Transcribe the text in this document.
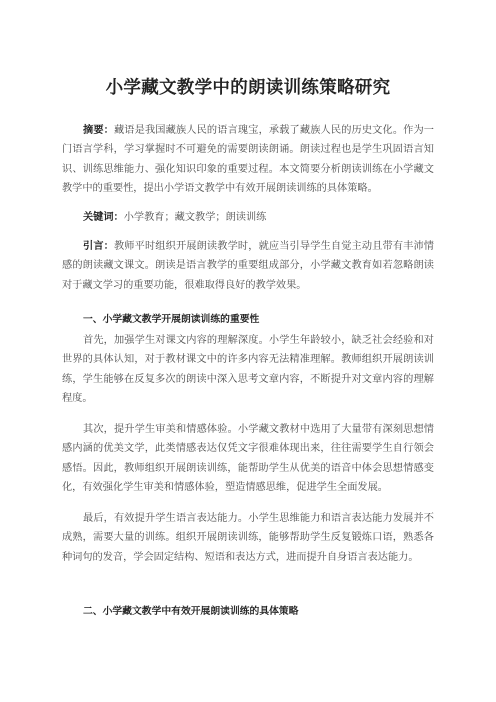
小学藏文教学中的朗读训练策略研究
摘要：藏语是我国藏族人民的语言瑰宝，承载了藏族人民的历史文化。作为一门语言学科，学习掌握时不可避免的需要朗读朗诵。朗读过程也是学生巩固语言知识、训练思维能力、强化知识印象的重要过程。本文简要分析朗读训练在小学藏文教学中的重要性，提出小学语文教学中有效开展朗读训练的具体策略。
关键词：小学教育；藏文教学；朗读训练
引言：教师平时组织开展朗读教学时，就应当引导学生自觉主动且带有丰沛情感的朗读藏文课文。朗读是语言教学的重要组成部分，小学藏文教育如若忽略朗读对于藏文学习的重要功能，很难取得良好的教学效果。
一、小学藏文教学开展朗读训练的重要性
首先，加强学生对课文内容的理解深度。小学生年龄较小，缺乏社会经验和对世界的具体认知，对于教材课文中的许多内容无法精准理解。教师组织开展朗读训练，学生能够在反复多次的朗读中深入思考文章内容，不断提升对文章内容的理解程度。
其次，提升学生审美和情感体验。小学藏文教材中选用了大量带有深刻思想情感内涵的优美文学，此类情感表达仅凭文字很难体现出来，往往需要学生自行领会感悟。因此，教师组织开展朗读训练，能帮助学生从优美的语音中体会思想情感变化，有效强化学生审美和情感体验，塑造情感思维，促进学生全面发展。
最后，有效提升学生语言表达能力。小学生思维能力和语言表达能力发展并不成熟，需要大量的训练。组织开展朗读训练，能够帮助学生反复锻炼口语，熟悉各种词句的发音，学会固定结构、短语和表达方式，进而提升自身语言表达能力。
二、小学藏文教学中有效开展朗读训练的具体策略
